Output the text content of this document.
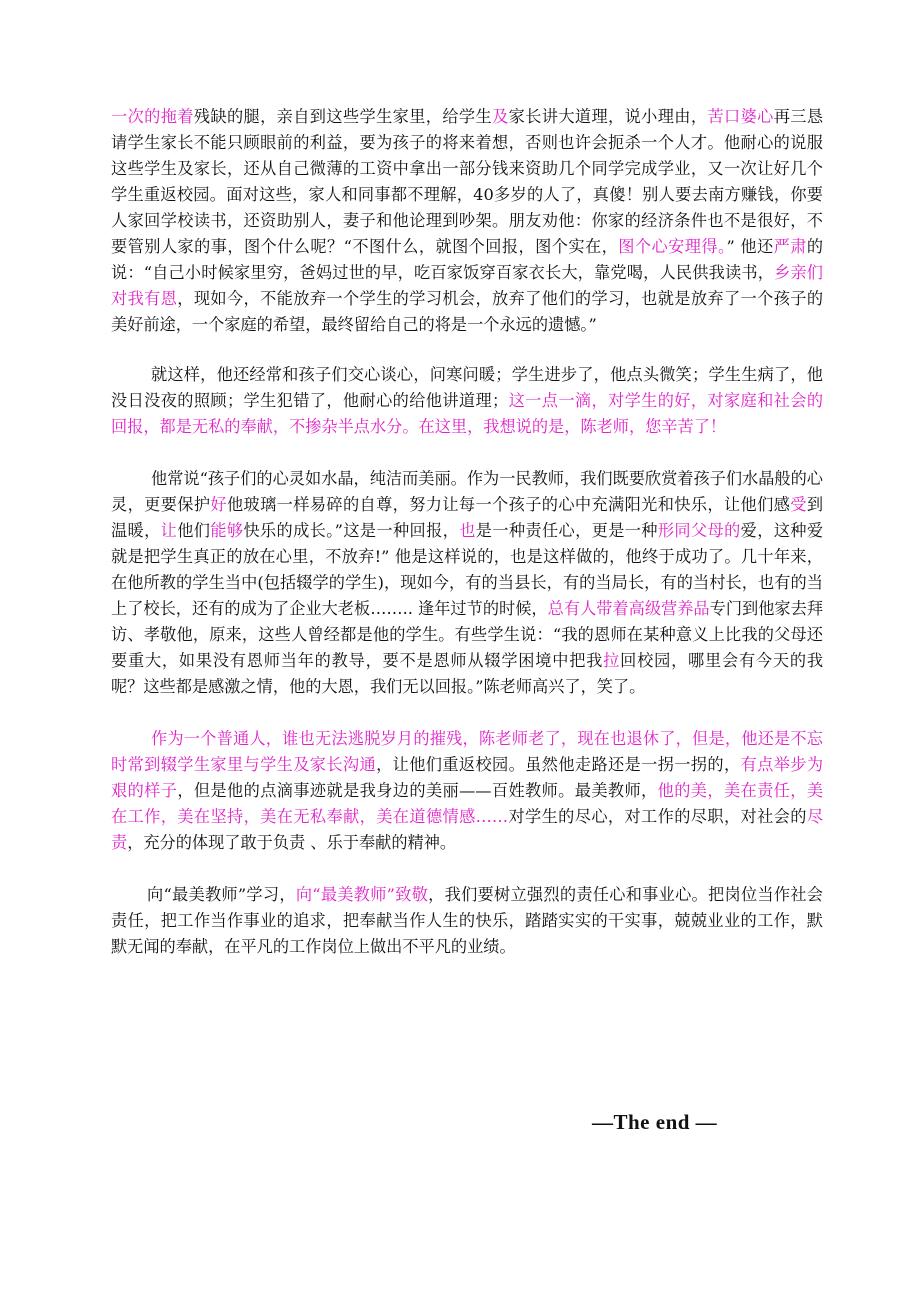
一次的拖着残缺的腿，亲自到这些学生家里，给学生及家长讲大道理，说小理由，苦口婆心再三恳请学生家长不能只顾眼前的利益，要为孩子的将来着想，否则也许会扼杀一个人才。他耐心的说服这些学生及家长，还从自己微薄的工资中拿出一部分钱来资助几个同学完成学业，又一次让好几个学生重返校园。面对这些，家人和同事都不理解，40多岁的人了，真傻！别人要去南方赚钱，你要人家回学校读书，还资助别人，妻子和他论理到吵架。朋友劝他：你家的经济条件也不是很好，不要管别人家的事，图个什么呢？“不图什么，就图个回报，图个实在，图个心安理得。” 他还严肃的说：“自己小时候家里穷，爸妈过世的早，吃百家饭穿百家衣长大，靠党喝，人民供我读书，乡亲们对我有恩，现如今，不能放弃一个学生的学习机会，放弃了他们的学习，也就是放弃了一个孩子的美好前途，一个家庭的希望，最终留给自己的将是一个永远的遗憾。”

就这样，他还经常和孩子们交心谈心，问寒问暖；学生进步了，他点头微笑；学生生病了，他没日没夜的照顾；学生犯错了，他耐心的给他讲道理；这一点一滴，对学生的好，对家庭和社会的回报，都是无私的奉献，不掺杂半点水分。在这里，我想说的是，陈老师，您辛苦了！

他常说“孩子们的心灵如水晶，纯洁而美丽。作为一民教师，我们既要欣赏着孩子们水晶般的心灵，更要保护好他玻璃一样易碎的自尊，努力让每一个孩子的心中充满阳光和快乐，让他们感受到温暖，让他们能够快乐的成长。”这是一种回报，也是一种责任心，更是一种形同父母的爱，这种爱就是把学生真正的放在心里，不放弃!” 他是这样说的，也是这样做的，他终于成功了。几十年来，在他所教的学生当中(包括辍学的学生)，现如今，有的当县长，有的当局长，有的当村长，也有的当上了校长，还有的成为了企业大老板…….. 逢年过节的时候，总有人带着高级营养品专门到他家去拜访、孝敬他，原来，这些人曾经都是他的学生。有些学生说：“我的恩师在某种意义上比我的父母还要重大，如果没有恩师当年的教导，要不是恩师从辍学困境中把我拉回校园，哪里会有今天的我呢？这些都是感激之情，他的大恩，我们无以回报。”陈老师高兴了，笑了。

作为一个普通人，谁也无法逃脱岁月的摧残，陈老师老了，现在也退休了，但是，他还是不忘时常到辍学生家里与学生及家长沟通，让他们重返校园。虽然他走路还是一拐一拐的，有点举步为艰的样子，但是他的点滴事迹就是我身边的美丽——百姓教师。最美教师，他的美，美在责任，美在工作，美在坚持，美在无私奉献，美在道德情感……对学生的尽心，对工作的尽职，对社会的尽责，充分的体现了敢于负责 、乐于奉献的精神。

向“最美教师”学习，向“最美教师”致敬，我们要树立强烈的责任心和事业心。把岗位当作社会责任，把工作当作事业的追求，把奉献当作人生的快乐，踏踏实实的干实事，兢兢业业的工作，默默无闻的奉献，在平凡的工作岗位上做出不平凡的业绩。

—The end —
